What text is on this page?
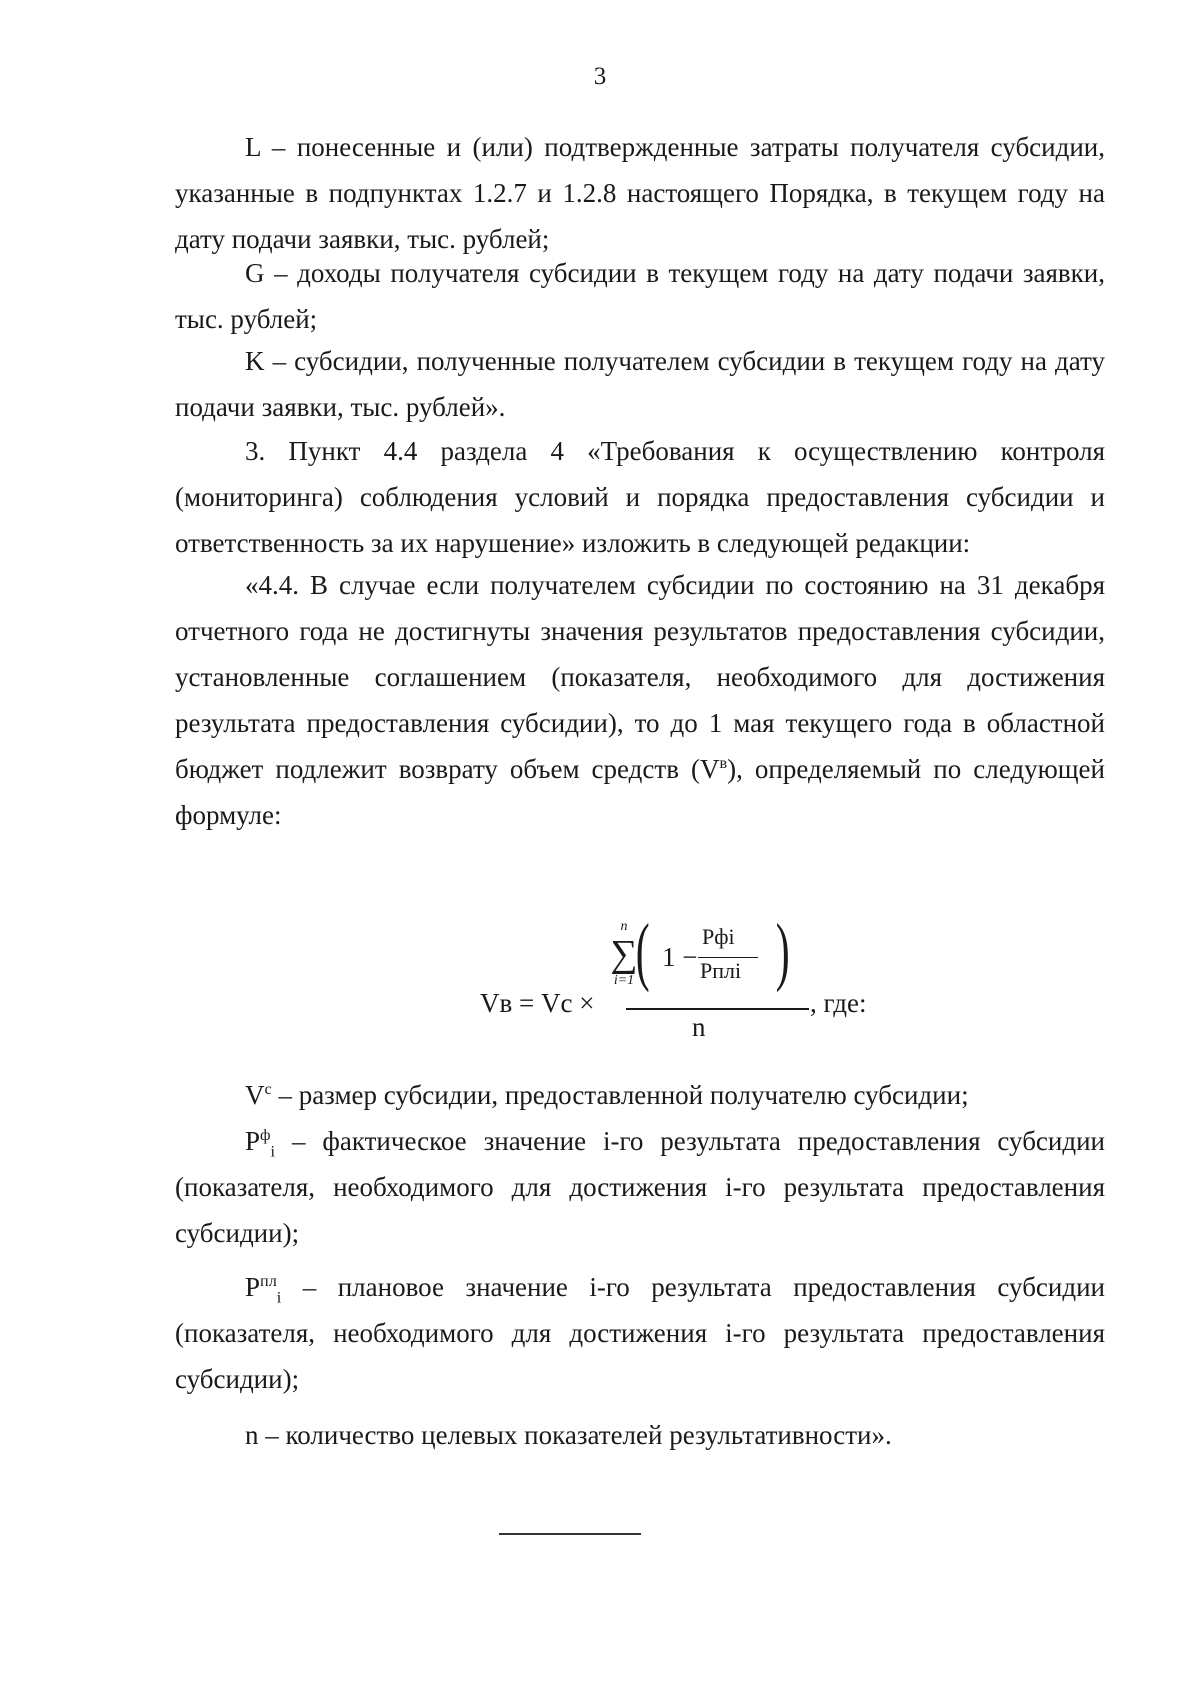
3

L – понесенные и (или) подтвержденные затраты получателя субсидии, указанные в подпунктах 1.2.7 и 1.2.8 настоящего Порядка, в текущем году на дату подачи заявки, тыс. рублей;

G – доходы получателя субсидии в текущем году на дату подачи заявки, тыс. рублей;

K – субсидии, полученные получателем субсидии в текущем году на дату подачи заявки, тыс. рублей».

3. Пункт 4.4 раздела 4 «Требования к осуществлению контроля (мониторинга) соблюдения условий и порядка предоставления субсидии и ответственность за их нарушение» изложить в следующей редакции:

«4.4. В случае если получателем субсидии по состоянию на 31 декабря отчетного года не достигнуты значения результатов предоставления субсидии, установленные соглашением (показателя, необходимого для достижения результата предоставления субсидии), то до 1 мая текущего года в областной бюджет подлежит возврату объем средств $(V^в)$, определяемый по следующей формуле:

Vв = Vс ×
n
∑
i=1 ( 1 −
Pфi
Pплi )
n
, где:

$V^с$ – размер субсидии, предоставленной получателю субсидии;

$P^ф_i$ – фактическое значение i-го результата предоставления субсидии (показателя, необходимого для достижения i-го результата предоставления субсидии);

$P^{пл}_i$ – плановое значение i-го результата предоставления субсидии (показателя, необходимого для достижения i-го результата предоставления субсидии);

n – количество целевых показателей результативности».
